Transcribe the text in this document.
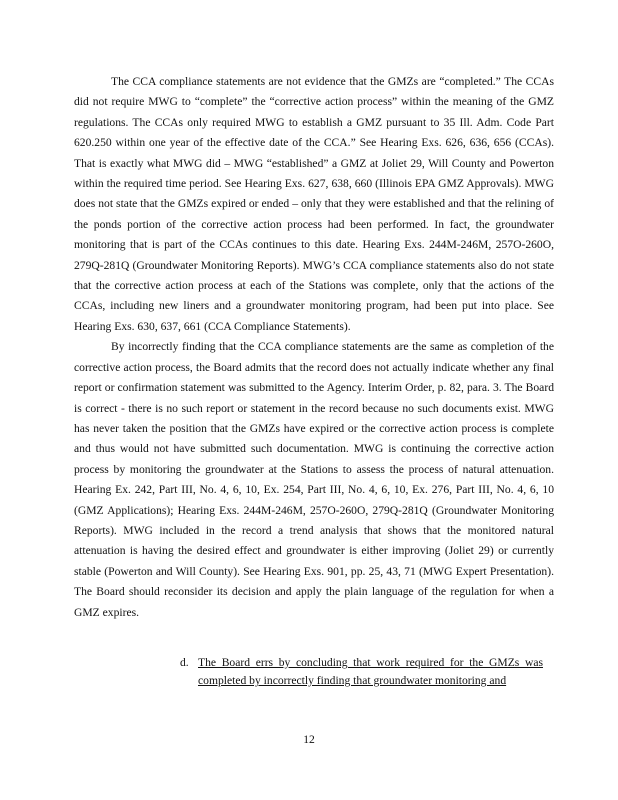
The CCA compliance statements are not evidence that the GMZs are “completed.” The CCAs did not require MWG to “complete” the “corrective action process” within the meaning of the GMZ regulations. The CCAs only required MWG to establish a GMZ pursuant to 35 Ill. Adm. Code Part 620.250 within one year of the effective date of the CCA.” See Hearing Exs. 626, 636, 656 (CCAs). That is exactly what MWG did – MWG “established” a GMZ at Joliet 29, Will County and Powerton within the required time period. See Hearing Exs. 627, 638, 660 (Illinois EPA GMZ Approvals). MWG does not state that the GMZs expired or ended – only that they were established and that the relining of the ponds portion of the corrective action process had been performed. In fact, the groundwater monitoring that is part of the CCAs continues to this date. Hearing Exs. 244M-246M, 257O-260O, 279Q-281Q (Groundwater Monitoring Reports). MWG’s CCA compliance statements also do not state that the corrective action process at each of the Stations was complete, only that the actions of the CCAs, including new liners and a groundwater monitoring program, had been put into place. See Hearing Exs. 630, 637, 661 (CCA Compliance Statements).

By incorrectly finding that the CCA compliance statements are the same as completion of the corrective action process, the Board admits that the record does not actually indicate whether any final report or confirmation statement was submitted to the Agency. Interim Order, p. 82, para. 3. The Board is correct - there is no such report or statement in the record because no such documents exist. MWG has never taken the position that the GMZs have expired or the corrective action process is complete and thus would not have submitted such documentation. MWG is continuing the corrective action process by monitoring the groundwater at the Stations to assess the process of natural attenuation. Hearing Ex. 242, Part III, No. 4, 6, 10, Ex. 254, Part III, No. 4, 6, 10, Ex. 276, Part III, No. 4, 6, 10 (GMZ Applications); Hearing Exs. 244M-246M, 257O-260O, 279Q-281Q (Groundwater Monitoring Reports). MWG included in the record a trend analysis that shows that the monitored natural attenuation is having the desired effect and groundwater is either improving (Joliet 29) or currently stable (Powerton and Will County). See Hearing Exs. 901, pp. 25, 43, 71 (MWG Expert Presentation). The Board should reconsider its decision and apply the plain language of the regulation for when a GMZ expires.

d. The Board errs by concluding that work required for the GMZs was completed by incorrectly finding that groundwater monitoring and
12
